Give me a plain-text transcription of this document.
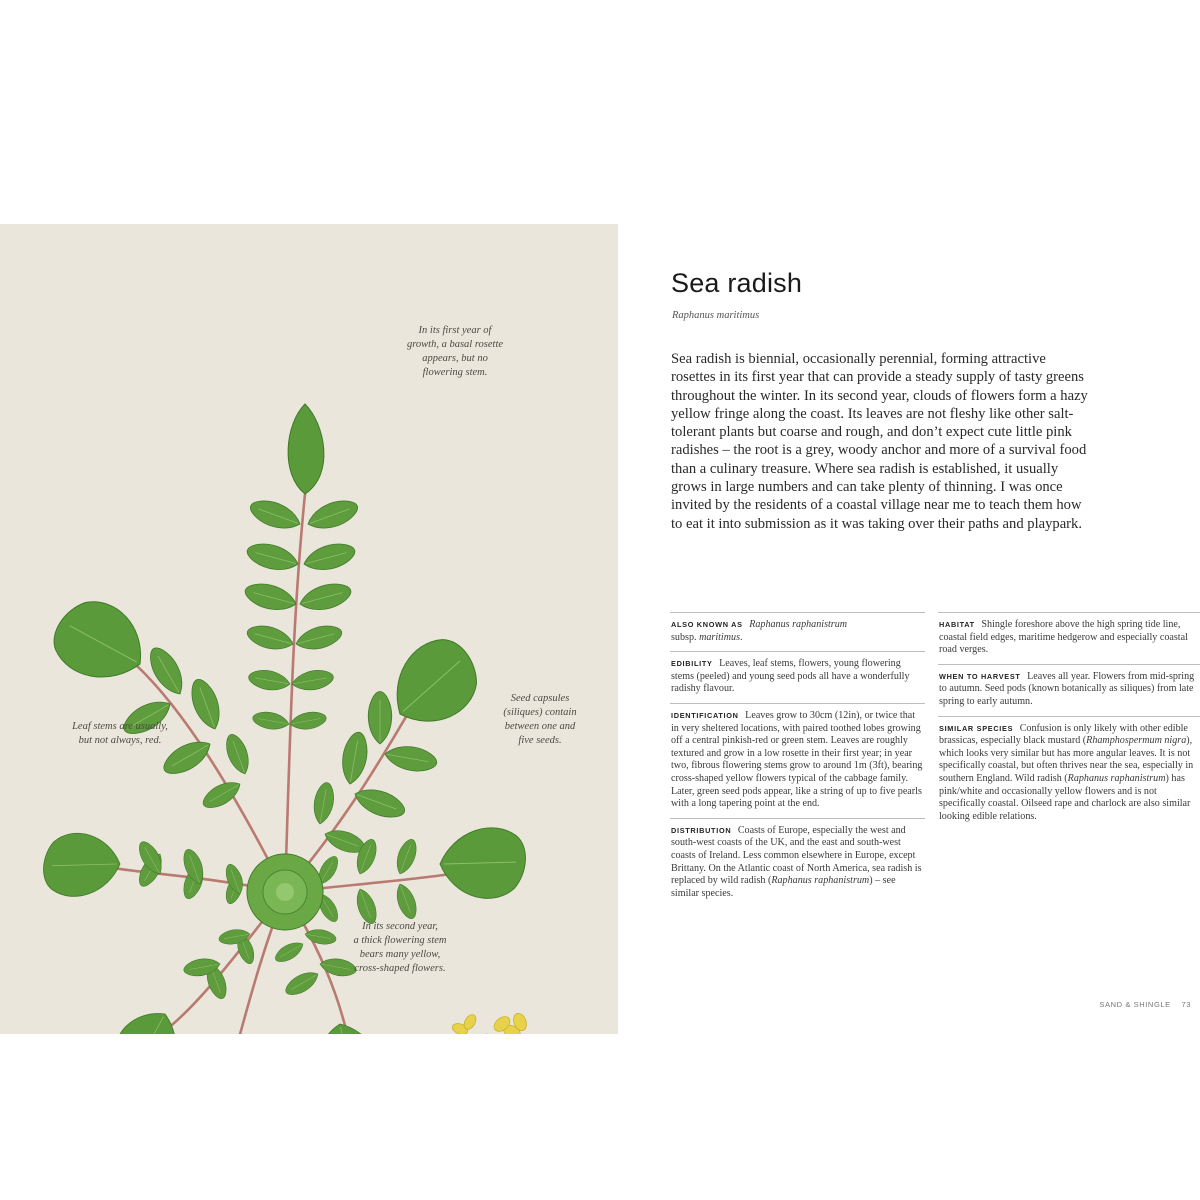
In its first year of
growth, a basal rosette
appears, but no
flowering stem.
Leaf stems are usually,
but not always, red.
Seed capsules
(siliques) contain
between one and
five seeds.
In its second year,
a thick flowering stem
bears many yellow,
cross-shaped flowers.
Sea radish
Raphanus maritimus

Sea radish is biennial, occasionally perennial, forming attractive rosettes in its first year that can provide a steady supply of tasty greens throughout the winter. In its second year, clouds of flowers form a hazy yellow fringe along the coast. Its leaves are not fleshy like other salt-tolerant plants but coarse and rough, and don’t expect cute little pink radishes – the root is a grey, woody anchor and more of a survival food than a culinary treasure. Where sea radish is established, it usually grows in large numbers and can take plenty of thinning. I was once invited by the residents of a coastal village near me to teach them how to eat it into submission as it was taking over their paths and playpark.

ALSO KNOWN AS Raphanus raphanistrum
subsp. maritimus.
EDIBILITY Leaves, leaf stems, flowers, young flowering stems (peeled) and young seed pods all have a wonderfully radishy flavour.
IDENTIFICATION Leaves grow to 30cm (12in), or twice that in very sheltered locations, with paired toothed lobes growing off a central pinkish-red or green stem. Leaves are roughly textured and grow in a low rosette in their first year; in year two, fibrous flowering stems grow to around 1m (3ft), bearing cross-shaped yellow flowers typical of the cabbage family. Later, green seed pods appear, like a string of up to five pearls with a long tapering point at the end.
DISTRIBUTION Coasts of Europe, especially the west and south-west coasts of the UK, and the east and south-west coasts of Ireland. Less common elsewhere in Europe, except Brittany. On the Atlantic coast of North America, sea radish is replaced by wild radish (Raphanus raphanistrum) – see similar species.
HABITAT Shingle foreshore above the high spring tide line, coastal field edges, maritime hedgerow and especially coastal road verges.
WHEN TO HARVEST Leaves all year. Flowers from mid-spring to autumn. Seed pods (known botanically as siliques) from late spring to early autumn.
SIMILAR SPECIES Confusion is only likely with other edible brassicas, especially black mustard (Rhamphospermum nigra), which looks very similar but has more angular leaves. It is not specifically coastal, but often thrives near the sea, especially in southern England. Wild radish (Raphanus raphanistrum) has pink/white and occasionally yellow flowers and is not specifically coastal. Oilseed rape and charlock are also similar looking edible relations.
SAND & SHINGLE 73
